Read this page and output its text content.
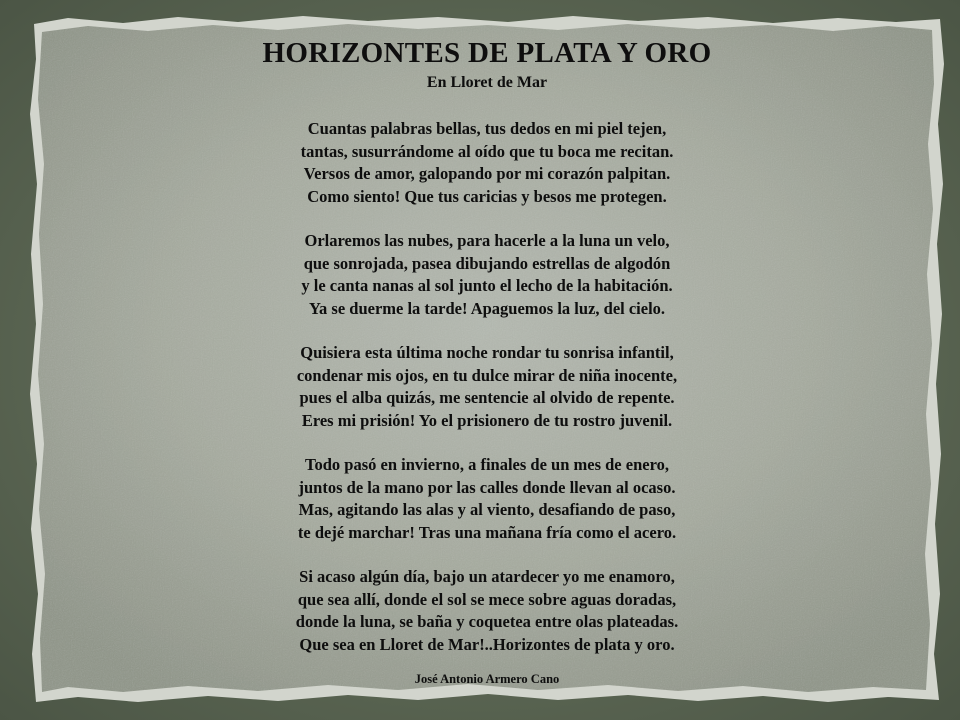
HORIZONTES DE PLATA Y ORO
En Lloret de Mar
Cuantas palabras bellas, tus dedos en mi piel tejen,
tantas, susurrándome al oído que tu boca me recitan.
Versos de amor, galopando por mi corazón palpitan.
Como siento! Que tus caricias y besos me protegen.
Orlaremos las nubes, para hacerle a la luna un velo,
que sonrojada, pasea dibujando estrellas de algodón
y le canta nanas al sol junto el lecho de la habitación.
Ya se duerme la tarde! Apaguemos la luz, del cielo.
Quisiera esta última noche rondar tu sonrisa infantil,
condenar mis ojos, en tu dulce mirar de niña inocente,
pues el alba quizás, me sentencie al olvido de repente.
Eres mi prisión! Yo el prisionero de tu rostro juvenil.
Todo pasó en invierno, a finales de un mes de enero,
juntos de la mano por las calles donde llevan al ocaso.
Mas, agitando las alas y al viento, desafiando de paso,
te dejé marchar! Tras una mañana fría como el acero.
Si acaso algún día, bajo un atardecer yo me enamoro,
que sea allí, donde el sol se mece sobre aguas doradas,
donde la luna, se baña y coquetea entre olas plateadas.
Que sea en Lloret de Mar!..Horizontes de plata y oro.

José Antonio Armero Cano
